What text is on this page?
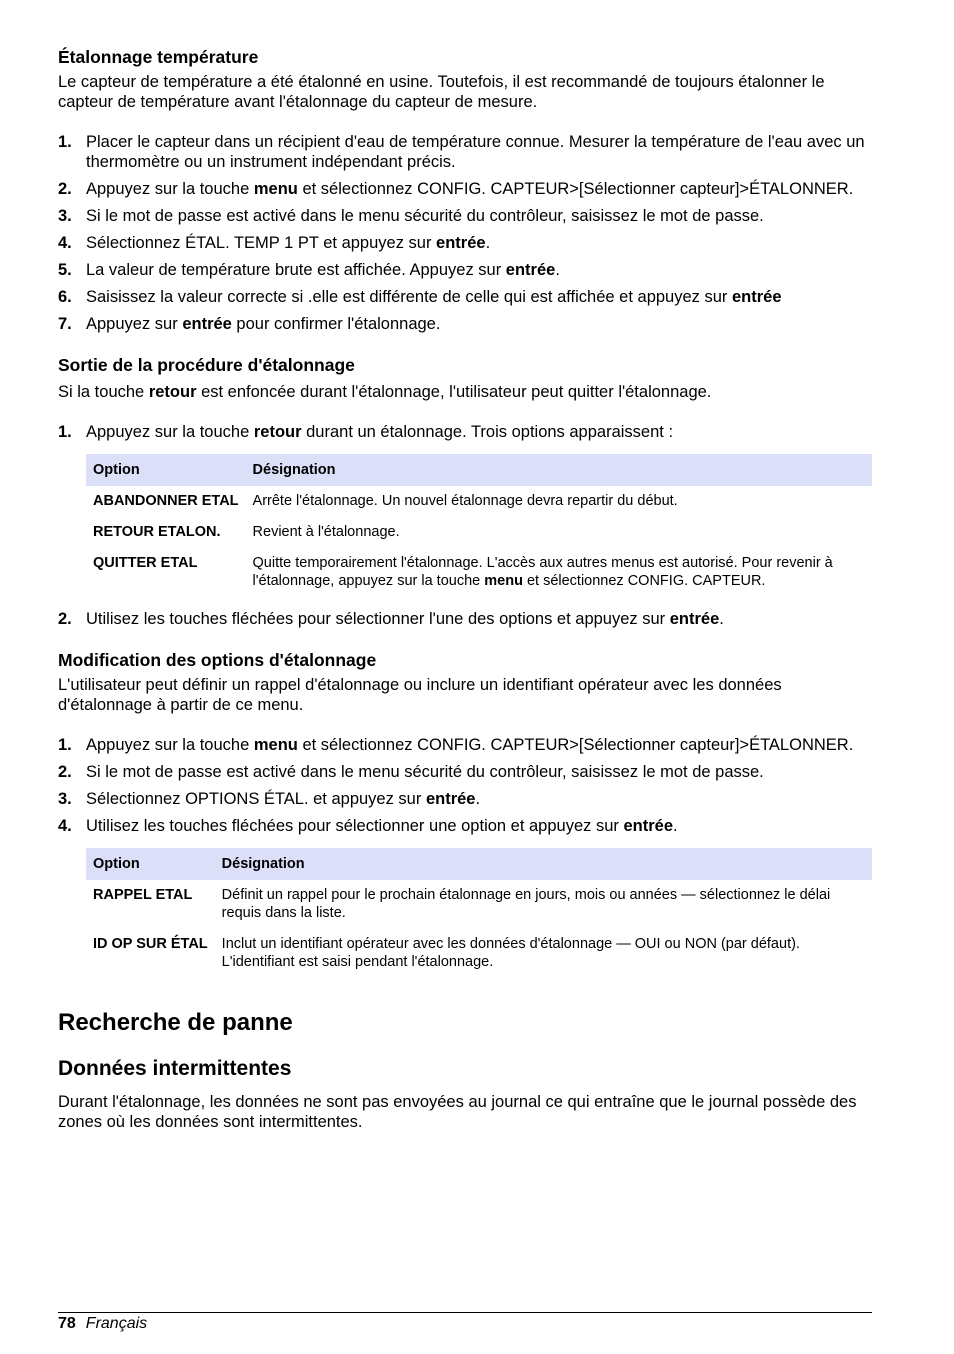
Étalonnage température

Le capteur de température a été étalonné en usine. Toutefois, il est recommandé de toujours étalonner le capteur de température avant l'étalonnage du capteur de mesure.

1. Placer le capteur dans un récipient d'eau de température connue. Mesurer la température de l'eau avec un thermomètre ou un instrument indépendant précis.
2. Appuyez sur la touche menu et sélectionnez CONFIG. CAPTEUR>[Sélectionner capteur]>ÉTALONNER.
3. Si le mot de passe est activé dans le menu sécurité du contrôleur, saisissez le mot de passe.
4. Sélectionnez ÉTAL. TEMP 1 PT et appuyez sur entrée.
5. La valeur de température brute est affichée. Appuyez sur entrée.
6. Saisissez la valeur correcte si .elle est différente de celle qui est affichée et appuyez sur entrée
7. Appuyez sur entrée pour confirmer l'étalonnage.
Sortie de la procédure d'étalonnage

Si la touche retour est enfoncée durant l'étalonnage, l'utilisateur peut quitter l'étalonnage.

1. Appuyez sur la touche retour durant un étalonnage. Trois options apparaissent :
Option	Désignation
ABANDONNER ETAL	Arrête l'étalonnage. Un nouvel étalonnage devra repartir du début.
RETOUR ETALON.	Revient à l'étalonnage.
QUITTER ETAL	Quitte temporairement l'étalonnage. L'accès aux autres menus est autorisé. Pour revenir à l'étalonnage, appuyez sur la touche menu et sélectionnez CONFIG. CAPTEUR.
2. Utilisez les touches fléchées pour sélectionner l'une des options et appuyez sur entrée.
Modification des options d'étalonnage

L'utilisateur peut définir un rappel d'étalonnage ou inclure un identifiant opérateur avec les données d'étalonnage à partir de ce menu.

1. Appuyez sur la touche menu et sélectionnez CONFIG. CAPTEUR>[Sélectionner capteur]>ÉTALONNER.
2. Si le mot de passe est activé dans le menu sécurité du contrôleur, saisissez le mot de passe.
3. Sélectionnez OPTIONS ÉTAL. et appuyez sur entrée.
4. Utilisez les touches fléchées pour sélectionner une option et appuyez sur entrée.
Option	Désignation
RAPPEL ETAL	Définit un rappel pour le prochain étalonnage en jours, mois ou années — sélectionnez le délai requis dans la liste.
ID OP SUR ÉTAL	Inclut un identifiant opérateur avec les données d'étalonnage — OUI ou NON (par défaut). L'identifiant est saisi pendant l'étalonnage.
Recherche de panne
Données intermittentes

Durant l'étalonnage, les données ne sont pas envoyées au journal ce qui entraîne que le journal possède des zones où les données sont intermittentes.

78 Français
